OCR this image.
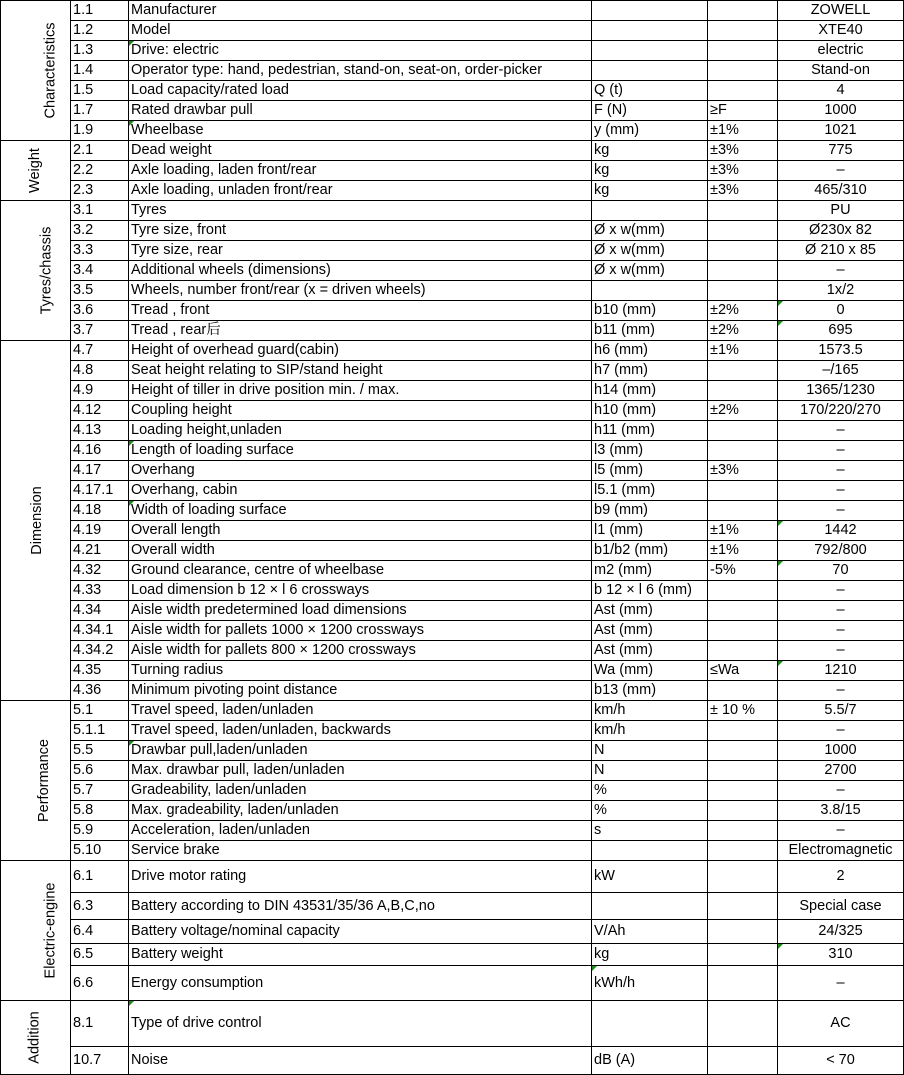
Characteristics	1.1	Manufacturer			ZOWELL
	1.2	Model			XTE40
	1.3	Drive: electric			electric
	1.4	Operator type: hand, pedestrian, stand-on, seat-on, order-picker			Stand-on
	1.5	Load capacity/rated load	Q (t)		4
	1.7	Rated drawbar pull	F (N)	≥F	1000
	1.9	Wheelbase	y (mm)	±1%	1021
Weight	2.1	Dead weight	kg	±3%	775
	2.2	Axle loading, laden front/rear	kg	±3%	–
	2.3	Axle loading, unladen front/rear	kg	±3%	465/310
Tyres/chassis	3.1	Tyres			PU
	3.2	Tyre size, front	Ø x w(mm)		Ø230x 82
	3.3	Tyre size, rear	Ø x w(mm)		Ø 210 x 85
	3.4	Additional wheels (dimensions)	Ø x w(mm)		–
	3.5	Wheels, number front/rear (x = driven wheels)			1x/2
	3.6	Tread , front	b10 (mm)	±2%	0
	3.7	Tread , rear后	b11 (mm)	±2%	695
Dimension	4.7	Height of overhead guard(cabin)	h6 (mm)	±1%	1573.5
	4.8	Seat height relating to SIP/stand height	h7 (mm)		–/165
	4.9	Height of tiller in drive position min. / max.	h14 (mm)		1365/1230
	4.12	Coupling height	h10 (mm)	±2%	170/220/270
	4.13	Loading height,unladen	h11 (mm)		–
	4.16	Length of loading surface	l3 (mm)		–
	4.17	Overhang	l5 (mm)	±3%	–
	4.17.1	Overhang, cabin	l5.1 (mm)		–
	4.18	Width of loading surface	b9 (mm)		–
	4.19	Overall length	l1 (mm)	±1%	1442
	4.21	Overall width	b1/b2 (mm)	±1%	792/800
	4.32	Ground clearance, centre of wheelbase	m2 (mm)	-5%	70
	4.33	Load dimension b 12 × l 6 crossways	b 12 × l 6 (mm)		–
	4.34	Aisle width predetermined load dimensions	Ast (mm)		–
	4.34.1	Aisle width for pallets 1000 × 1200 crossways	Ast (mm)		–
	4.34.2	Aisle width for pallets 800 × 1200 crossways	Ast (mm)		–
	4.35	Turning radius	Wa (mm)	≤Wa	1210
	4.36	Minimum pivoting point distance	b13 (mm)		–
Performance	5.1	Travel speed, laden/unladen	km/h	± 10 %	5.5/7
	5.1.1	Travel speed, laden/unladen, backwards	km/h		–
	5.5	Drawbar pull,laden/unladen	N		1000
	5.6	Max. drawbar pull, laden/unladen	N		2700
	5.7	Gradeability, laden/unladen	%		–
	5.8	Max. gradeability, laden/unladen	%		3.8/15
	5.9	Acceleration, laden/unladen	s		–
	5.10	Service brake			Electromagnetic
Electric-engine	6.1	Drive motor rating	kW		2
	6.3	Battery according to DIN 43531/35/36 A,B,C,no			Special case
	6.4	Battery voltage/nominal capacity	V/Ah		24/325
	6.5	Battery weight	kg		310
	6.6	Energy consumption	kWh/h		–
Addition	8.1	Type of drive control			AC
	10.7	Noise	dB (A)		< 70
